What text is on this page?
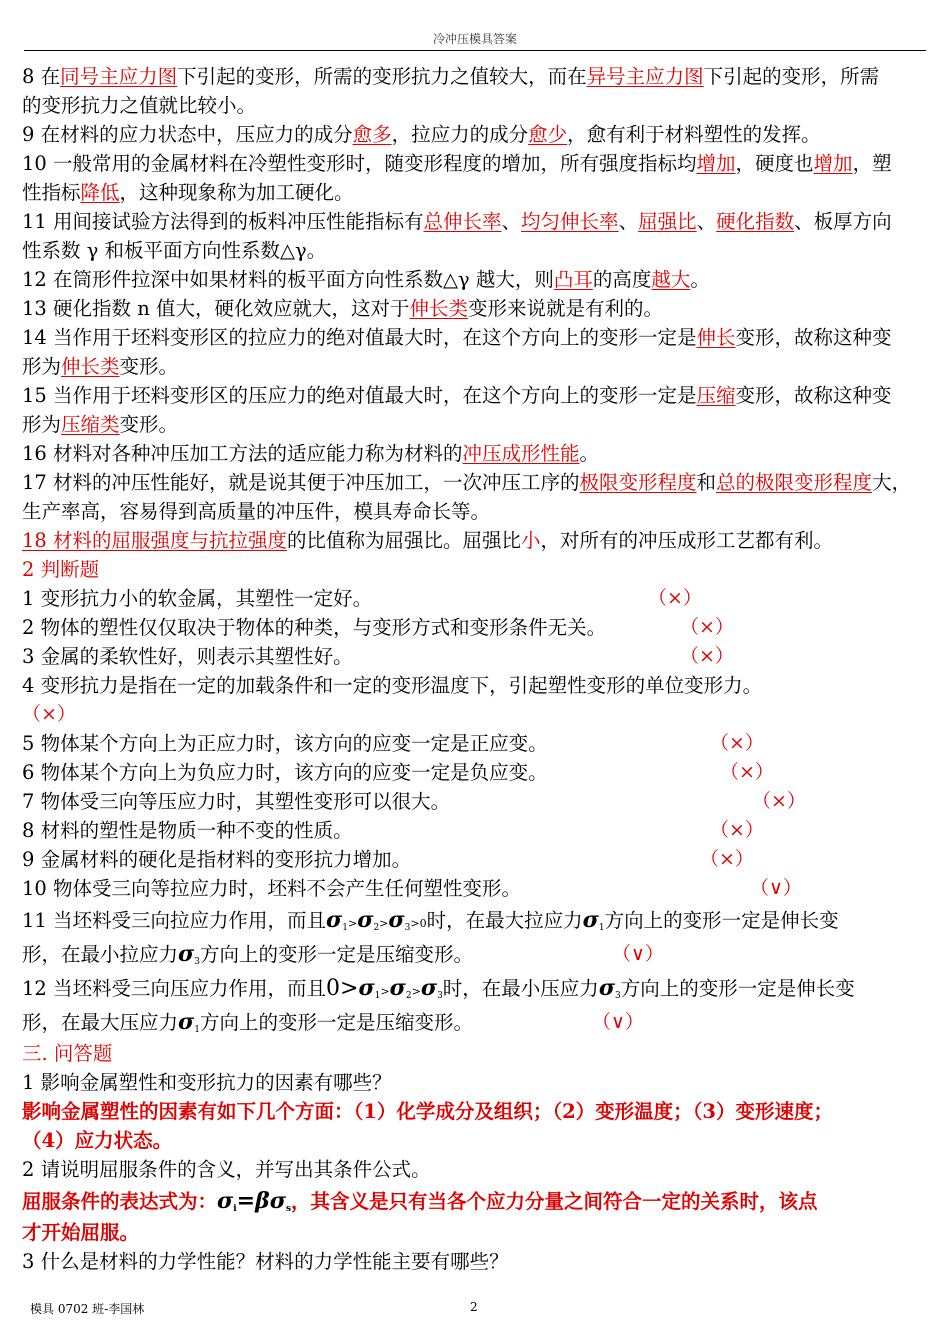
冷冲压模具答案
8 在同号主应力图下引起的变形，所需的变形抗力之值较大，而在异号主应力图下引起的变形，所需
的变形抗力之值就比较小。
9 在材料的应力状态中，压应力的成分愈多，拉应力的成分愈少，愈有利于材料塑性的发挥。
10 一般常用的金属材料在冷塑性变形时，随变形程度的增加，所有强度指标均增加，硬度也增加，塑
性指标降低，这种现象称为加工硬化。
11 用间接试验方法得到的板料冲压性能指标有总伸长率、均匀伸长率、屈强比、硬化指数、板厚方向
性系数 γ 和板平面方向性系数△γ。
12 在筒形件拉深中如果材料的板平面方向性系数△γ 越大，则凸耳的高度越大。
13 硬化指数 n 值大，硬化效应就大，这对于伸长类变形来说就是有利的。
14 当作用于坯料变形区的拉应力的绝对值最大时，在这个方向上的变形一定是伸长变形，故称这种变
形为伸长类变形。
15 当作用于坯料变形区的压应力的绝对值最大时，在这个方向上的变形一定是压缩变形，故称这种变
形为压缩类变形。
16 材料对各种冲压加工方法的适应能力称为材料的冲压成形性能。
17 材料的冲压性能好，就是说其便于冲压加工，一次冲压工序的极限变形程度和总的极限变形程度大，
生产率高，容易得到高质量的冲压件，模具寿命长等。
18 材料的屈服强度与抗拉强度的比值称为屈强比。屈强比小，对所有的冲压成形工艺都有利。
2 判断题
1 变形抗力小的软金属，其塑性一定好。	（×）
2 物体的塑性仅仅取决于物体的种类，与变形方式和变形条件无关。	（×）
3 金属的柔软性好，则表示其塑性好。	（×）
4 变形抗力是指在一定的加载条件和一定的变形温度下，引起塑性变形的单位变形力。
（×）
5 物体某个方向上为正应力时，该方向的应变一定是正应变。	（×）
6 物体某个方向上为负应力时，该方向的应变一定是负应变。	（×）
7 物体受三向等压应力时，其塑性变形可以很大。	（×）
8 材料的塑性是物质一种不变的性质。	（×）
9 金属材料的硬化是指材料的变形抗力增加。	（×）
10 物体受三向等拉应力时，坯料不会产生任何塑性变形。	（∨）
11 当坯料受三向拉应力作用，而且$\sigma_1>\sigma_2>\sigma_3>0$时，在最大拉应力$\sigma_1$方向上的变形一定是伸长变
形，在最小拉应力$\sigma_3$方向上的变形一定是压缩变形。	（∨）
12 当坯料受三向压应力作用，而且$0>\sigma_1>\sigma_2>\sigma_3$时，在最小压应力$\sigma_3$方向上的变形一定是伸长变
形，在最大压应力$\sigma_1$方向上的变形一定是压缩变形。	（∨）
三. 问答题
1 影响金属塑性和变形抗力的因素有哪些？
影响金属塑性的因素有如下几个方面：（1）化学成分及组织；（2）变形温度；（3）变形速度；
（4）应力状态。
2 请说明屈服条件的含义，并写出其条件公式。
屈服条件的表达式为：$\sigma_i=\beta\sigma_s$，其含义是只有当各个应力分量之间符合一定的关系时，该点
才开始屈服。
3 什么是材料的力学性能？材料的力学性能主要有哪些？
模具 0702 班-李国林	2
